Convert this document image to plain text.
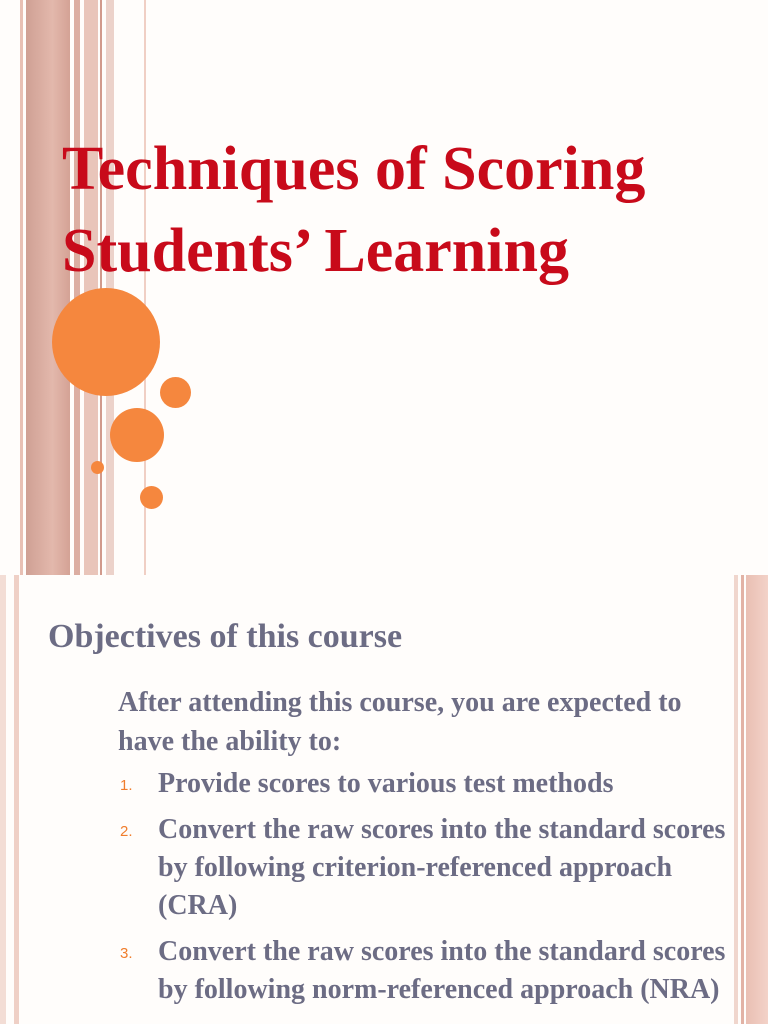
Techniques of Scoring
Students’ Learning
Objectives of this course

After attending this course, you are expected to have the ability to:

1. Provide scores to various test methods
2. Convert the raw scores into the standard scores by following criterion-referenced approach (CRA)
3. Convert the raw scores into the standard scores by following norm-referenced approach (NRA)
